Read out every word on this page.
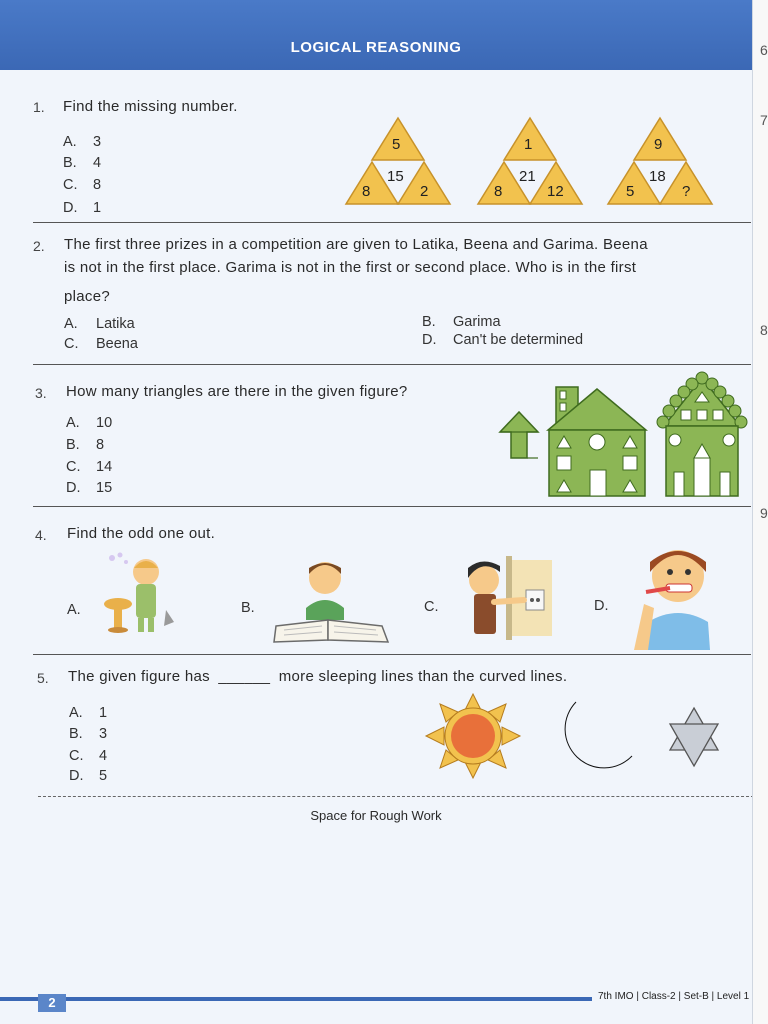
LOGICAL REASONING
1. Find the missing number.
A. 3
B. 4
C. 8
D. 1
5
8	2
15
1
8	12
21
9
5	?
18
2. The first three prizes in a competition are given to Latika, Beena and Garima. Beena
is not in the first place. Garima is not in the first or second place. Who is in the first
place?
A. Latika	B. Garima
C. Beena	D. Can't be determined
3. How many triangles are there in the given figure?
A. 10
B. 8
C. 14
D. 15
4. Find the odd one out.
A.	B.	C.	D.
5. The given figure has ______ more sleeping lines than the curved lines.
A. 1
B. 3
C. 4
D. 5
Space for Rough Work
2	7th IMO | Class-2 | Set-B | Level 1
6
7
8
9
